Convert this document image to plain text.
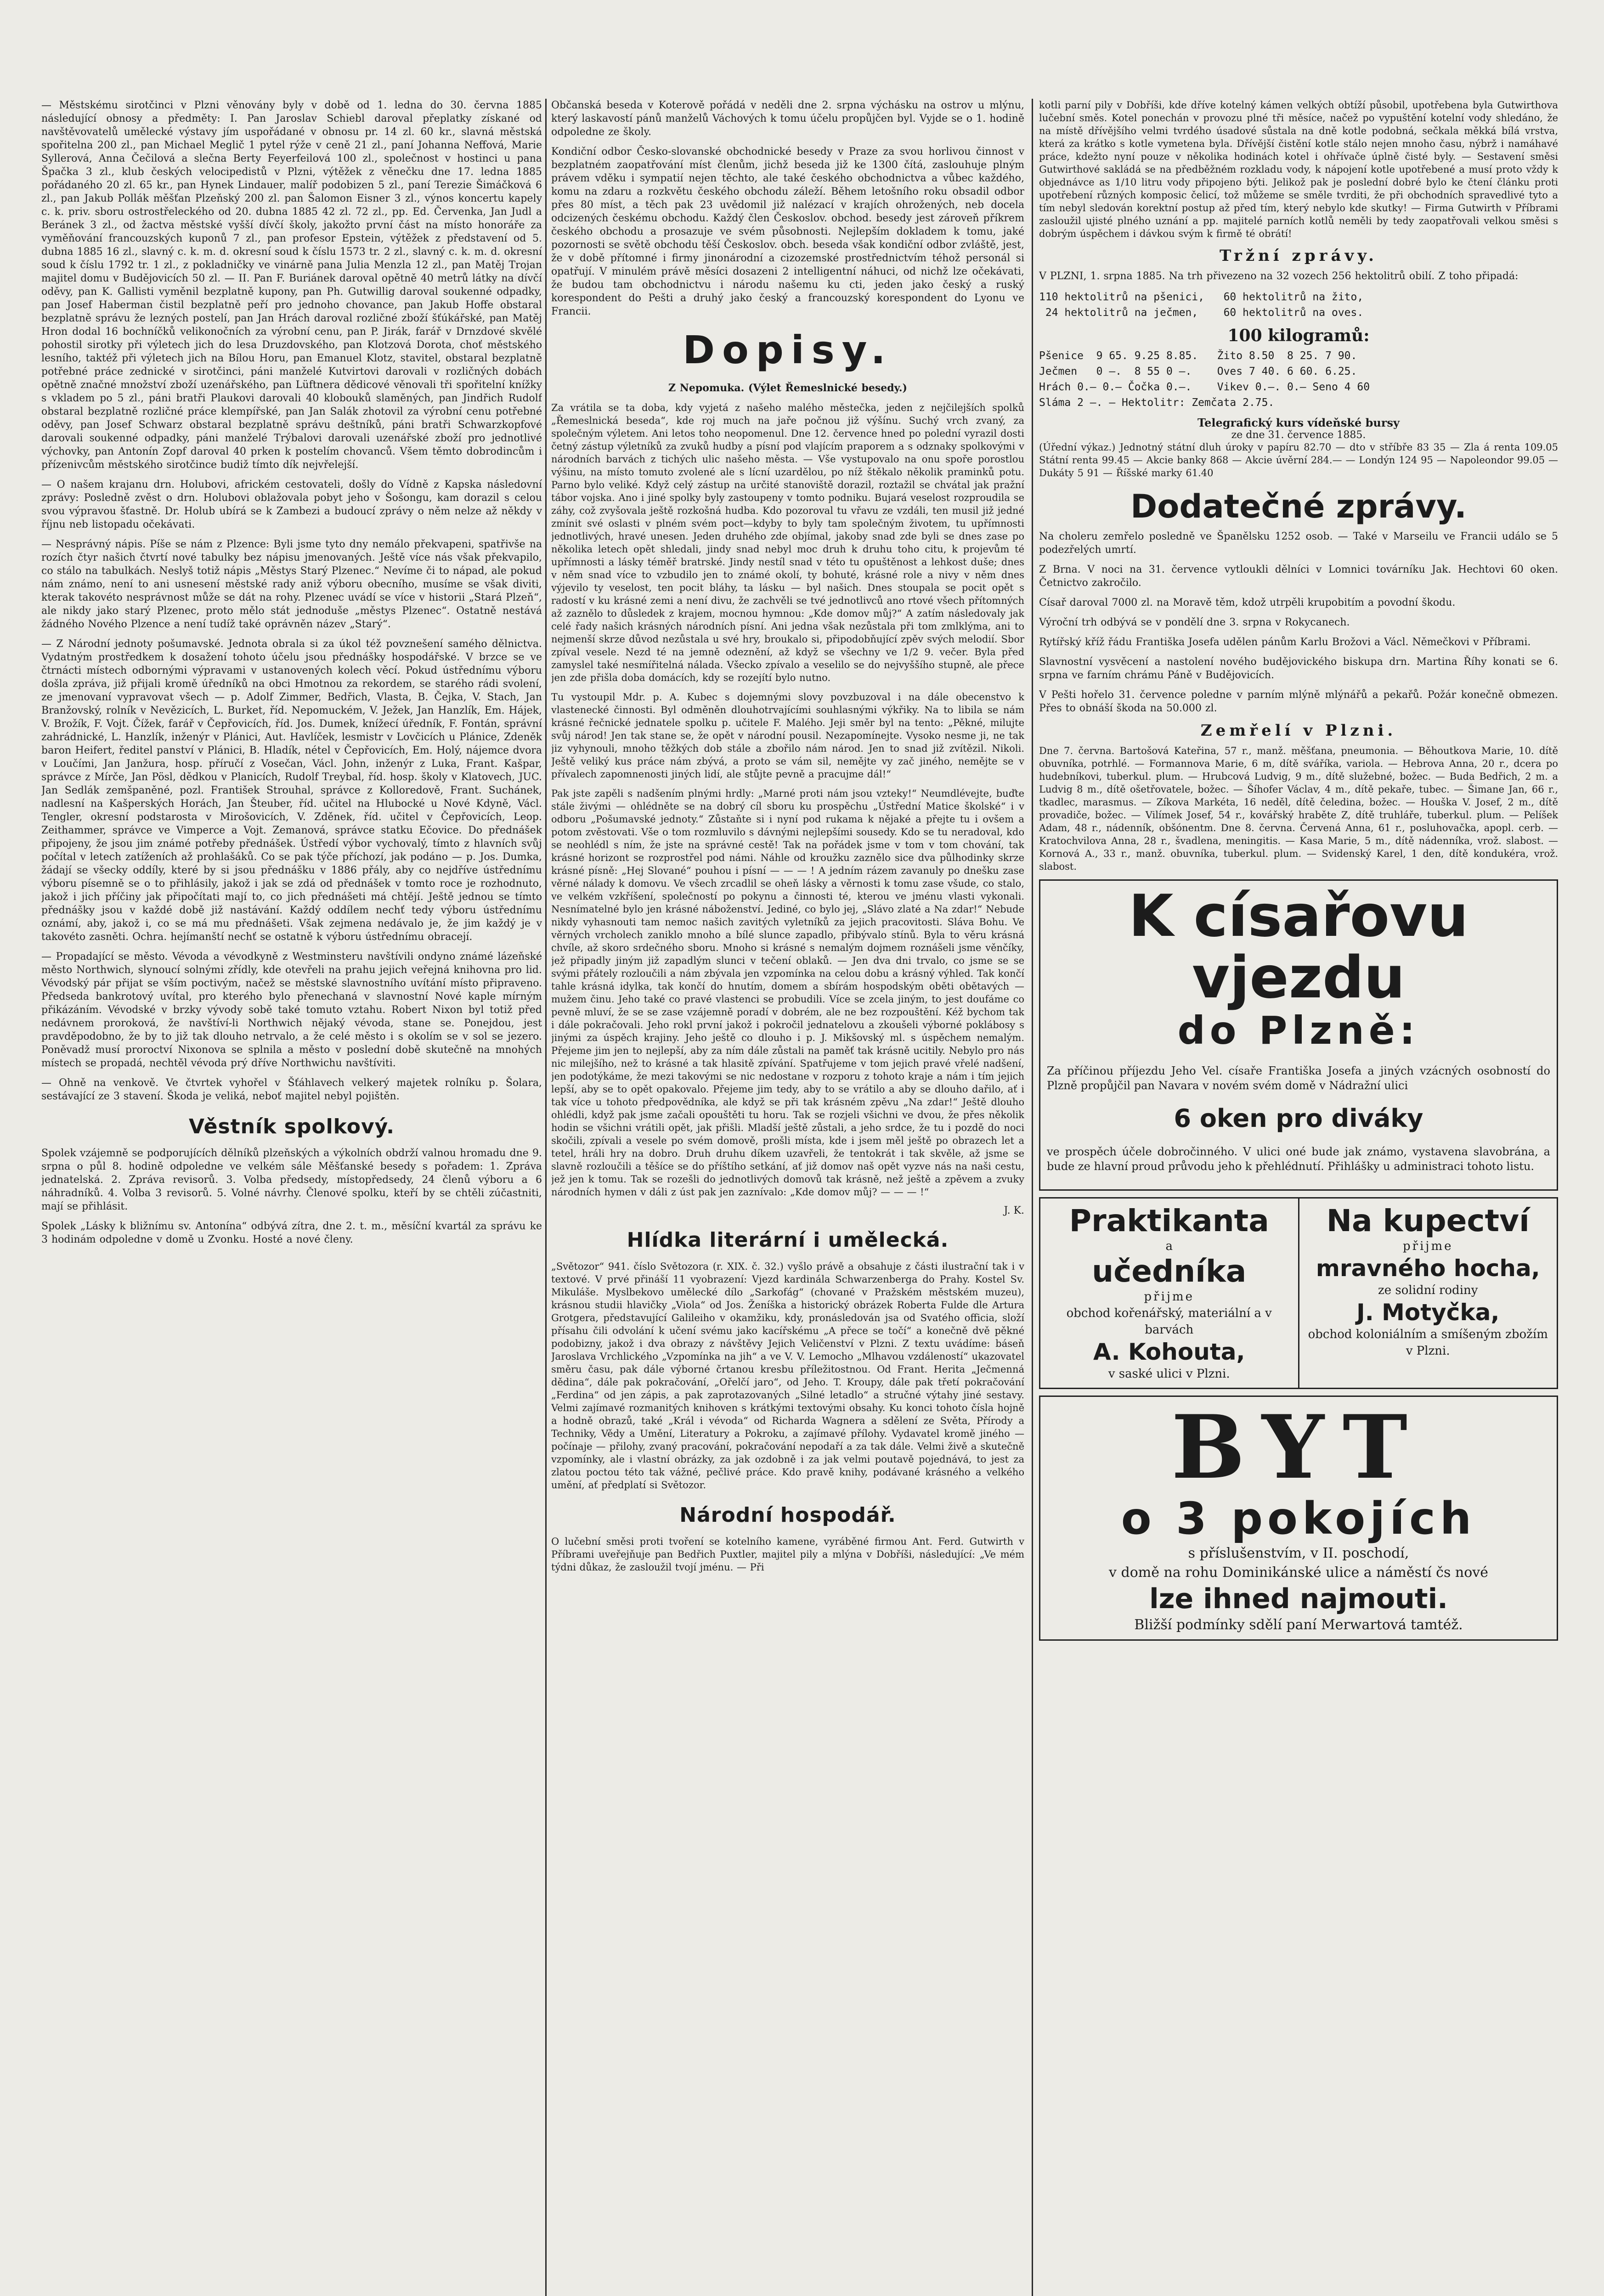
— Městskému sirotčinci v Plzni věnovány byly v době od 1. ledna do 30. června 1885 následující obnosy a předměty: I. Pan Jaroslav Schiebl daroval přeplatky získané od navštěvovatelů umělecké výstavy jím uspořádané v obnosu pr. 14 zl. 60 kr., slavná městská spořitelna 200 zl., pan Michael Meglič 1 pytel rýže v ceně 21 zl., paní Johanna Neffová, Marie Syllerová, Anna Čečilová a slečna Berty Feyerfeilová 100 zl., společnost v hostinci u pana Špačka 3 zl., klub českých velocipedistů v Plzni, výtěžek z věnečku dne 17. ledna 1885 pořádaného 20 zl. 65 kr., pan Hynek Lindauer, malíř podobizen 5 zl., paní Terezie Šimáčková 6 zl., pan Jakub Pollák měšťan Plzeňský 200 zl. pan Šalomon Eisner 3 zl., výnos koncertu kapely c. k. priv. sboru ostrostřeleckého od 20. dubna 1885 42 zl. 72 zl., pp. Ed. Červenka, Jan Judl a Beránek 3 zl., od žactva městské vyšší dívčí školy, jakožto první část na místo honoráře za vyměňování francouzských kuponů 7 zl., pan profesor Epstein, výtěžek z představení od 5. dubna 1885 16 zl., slavný c. k. m. d. okresní soud k číslu 1573 tr. 2 zl., slavný c. k. m. d. okresní soud k číslu 1792 tr. 1 zl., z pokladničky ve vinárně pana Julia Menzla 12 zl., pan Matěj Trojan majitel domu v Budějovicích 50 zl. — II. Pan F. Buriánek daroval opětně 40 metrů látky na dívčí oděvy, pan K. Gallisti vyměnil bezplatně kupony, pan Ph. Gutwillig daroval soukenné odpadky, pan Josef Haberman čistil bezplatně peří pro jednoho chovance, pan Jakub Hoffe obstaral bezplatně správu že lezných postelí, pan Jan Hrách daroval rozličné zboží šťúkářské, pan Matěj Hron dodal 16 bochníčků velikonočních za výrobní cenu, pan P. Jirák, farář v Drnzdové skvělé pohostil sirotky při výletech jich do lesa Druzdovského, pan Klotzová Dorota, choť městského lesního, taktéž při výletech jich na Bílou Horu, pan Emanuel Klotz, stavitel, obstaral bezplatně potřebné práce zednické v sirotčinci, páni manželé Kutvirtovi darovali v rozličných dobách opětně značné množství zboží uzenářského, pan Lüftnera dědicové věnovali tři spořitelní knížky s vkladem po 5 zl., páni bratři Plaukovi darovali 40 klobouků slaměných, pan Jindřich Rudolf obstaral bezplatně rozličné práce klempířské, pan Jan Salák zhotovil za výrobní cenu potřebné oděvy, pan Josef Schwarz obstaral bezplatně správu deštníků, páni bratři Schwarzkopfové darovali soukenné odpadky, páni manželé Trýbalovi darovali uzenářské zboží pro jednotlivé výchovky, pan Antonín Zopf daroval 40 prken k postelím chovanců. Všem těmto dobrodincům i přízenivcům městského sirotčince budiž tímto dík nejvřelejší.

— O našem krajanu drn. Holubovi, africkém cestovateli, došly do Vídně z Kapska následovní zprávy: Posledně zvěst o drn. Holubovi oblažovala pobyt jeho v Šošongu, kam dorazil s celou svou výpravou šťastně. Dr. Holub ubírá se k Zambezi a budoucí zprávy o něm nelze až někdy v říjnu neb listopadu očekávati.

— Nesprávný nápis. Píše se nám z Plzence: Byli jsme tyto dny nemálo překvapeni, spatřivše na rozích čtyr našich čtvrtí nové tabulky bez nápisu jmenovaných. Ještě více nás však překvapilo, co stálo na tabulkách. Neslyš totiž nápis „Městys Starý Plzenec.“ Nevíme či to nápad, ale pokud nám známo, není to ani usnesení městské rady aniž výboru obecního, musíme se však diviti, kterak takovéto nesprávnost může se dát na rohy. Plzenec uvádí se více v historii „Stará Plzeň“, ale nikdy jako starý Plzenec, proto mělo stát jednoduše „městys Plzenec“. Ostatně nestává žádného Nového Plzence a není tudíž také oprávněn název „Starý“.

— Z Národní jednoty pošumavské. Jednota obrala si za úkol též povznešení samého dělnictva. Vydatným prostředkem k dosažení tohoto účelu jsou přednášky hospodářské. V brzce se ve čtrnácti místech odbornými výpravami v ustanovených kolech věcí. Pokud ústřednímu výboru došla zpráva, již přijali kromě úředníků na obci Hmotnou za rekordem, se starého rádi svolení, ze jmenovaní vypravovat všech — p. Adolf Zimmer, Bedřich, Vlasta, B. Čejka, V. Stach, Jan Branžovský, rolník v Nevězicích, L. Burket, říd. Nepomuckém, V. Ježek, Jan Hanzlík, Em. Hájek, V. Brožík, F. Vojt. Čížek, farář v Čepřovicích, říd. Jos. Dumek, knížecí úředník, F. Fontán, správní zahrádnické, L. Hanzlík, inženýr v Plánici, Aut. Havlíček, lesmistr v Lovčicích u Plánice, Zdeněk baron Heifert, ředitel panství v Plánici, B. Hladík, nétel v Čepřovicích, Em. Holý, nájemce dvora v Loučími, Jan Janžura, hosp. příručí z Vosečan, Václ. John, inženýr z Luka, Frant. Kašpar, správce z Mírče, Jan Pösl, dědkou v Planicích, Rudolf Treybal, říd. hosp. školy v Klatovech, JUC. Jan Sedlák zemšpaněné, pozl. František Strouhal, správce z Kolloredově, Frant. Suchánek, nadlesní na Kašperských Horách, Jan Šteuber, říd. učitel na Hlubocké u Nové Kdyně, Václ. Tengler, okresní podstarosta v Mirošovicích, V. Zděnek, říd. učitel v Čepřovicích, Leop. Zeithammer, správce ve Vimperce a Vojt. Zemanová, správce statku Ečovice. Do přednášek připojeny, že jsou jim známé potřeby přednášek. Ústředí výbor vychovalý, tímto z hlavních svůj počítal v letech zatíženích až prohlašáků. Co se pak týče příchozí, jak podáno — p. Jos. Dumka, žádají se všecky oddíly, které by si jsou přednášku v 1886 přály, aby co nejdříve ústřednímu výboru písemně se o to přihlásily, jakož i jak se zdá od přednášek v tomto roce je rozhodnuto, jakož i jich příčiny jak připočítati mají to, co jich přednášeti má chtějí. Ještě jednou se tímto přednášky jsou v každé době již nastávání. Každý oddílem nechť tedy výboru ústřednímu oznámí, aby, jakož i, co se má mu přednášeti. Však zejmena nedávalo je, že jim každý je v takovéto zasněti. Ochra. hejímanští nechť se ostatně k výboru ústřednímu obracejí.

— Propadající se město. Vévoda a vévodkyně z Westminsteru navštívili ondyno známé lázeňské město Northwich, slynoucí solnými zřídly, kde otevřeli na prahu jejich veřejná knihovna pro lid. Vévodský pár přijat se vším poctivým, načež se městské slavnostního uvítání místo připraveno. Předseda bankrotový uvítal, pro kterého bylo přenechaná v slavnostní Nové kaple mírným přikázáním. Vévodské v brzky vývody sobě také tomuto vztahu. Robert Nixon byl totiž před nedávnem proroková, že navštíví-li Northwich nějaký vévoda, stane se. Ponejdou, jest pravděpodobno, že by to již tak dlouho netrvalo, a že celé město i s okolím se v sol se jezero. Poněvadž musí proroctví Nixonova se splnila a město v poslední době skutečně na mnohých místech se propadá, nechtěl vévoda prý dříve Northwichu navštíviti.

— Ohně na venkově. Ve čtvrtek vyhořel v Šťáhlavech velkerý majetek rolníku p. Šolara, sestávající ze 3 stavení. Škoda je veliká, neboť majitel nebyl pojištěn.

Věstník spolkový.

Spolek vzájemně se podporujících dělníků plzeňských a výkolních obdrží valnou hromadu dne 9. srpna o půl 8. hodině odpoledne ve velkém sále Měšťanské besedy s pořadem: 1. Zpráva jednatelská. 2. Zpráva revisorů. 3. Volba předsedy, místopředsedy, 24 členů výboru a 6 náhradníků. 4. Volba 3 revisorů. 5. Volné návrhy. Členové spolku, kteří by se chtěli zúčastniti, mají se přihlásit.

Spolek „Lásky k bližnímu sv. Antonína“ odbývá zítra, dne 2. t. m., měsíční kvartál za správu ke 3 hodinám odpoledne v domě u Zvonku. Hosté a nové členy.

Občanská beseda v Koterově pořádá v neděli dne 2. srpna výchásku na ostrov u mlýnu, který laskavostí pánů manželů Váchových k tomu účelu propůjčen byl. Vyjde se o 1. hodině odpoledne ze školy.

Kondiční odbor Česko-slovanské obchodnické besedy v Praze za svou horlivou činnost v bezplatném zaopatřování míst členům, jichž beseda již ke 1300 čítá, zaslouhuje plným právem vděku i sympatií nejen těchto, ale také českého obchodnictva a vůbec každého, komu na zdaru a rozkvětu českého obchodu záleží. Během letošního roku obsadil odbor přes 80 míst, a těch pak 23 uvědomil již nalézací v krajích ohrožených, neb docela odcizených českému obchodu. Každý člen Českoslov. obchod. besedy jest zároveň příkrem českého obchodu a prosazuje ve svém působnosti. Nejlepším dokladem k tomu, jaké pozornosti se světě obchodu těší Českoslov. obch. beseda však kondiční odbor zvláště, jest, že v době přítomné i firmy jinonárodní a cizozemské prostřednictvím téhož personál si opatřují. V minulém právě měsíci dosazeni 2 intelligentní náhuci, od nichž lze očekávati, že budou tam obchodnictvu i národu našemu ku cti, jeden jako český a ruský korespondent do Pešti a druhý jako český a francouzský korespondent do Lyonu ve Francii.

Dopisy.
Z Nepomuka. (Výlet Řemeslnické besedy.)

Za vrátila se ta doba, kdy vyjetá z našeho malého městečka, jeden z nejčilejších spolků „Řemeslnická beseda“, kde roj much na jaře počnou již výšínu. Suchý vrch zvaný, za společným výletem. Ani letos toho neopomenul. Dne 12. července hned po polední vyrazil dosti četný zástup výletníků za zvuků hudby a písní pod vlajícím praporem a s odznaky spolkovými v národních barvách z tichých ulic našeho města. — Vše vystupovalo na onu spoře porostlou výšinu, na místo tomuto zvolené ale s lícní uzardělou, po níž štěkalo několik praminků potu. Parno bylo veliké. Když celý zástup na určité stanoviště dorazil, roztažil se chvátal jak pražní tábor vojska. Ano i jiné spolky byly zastoupeny v tomto podniku. Bujará veselost rozproudila se záhy, což zvyšovala ještě rozkošná hudba. Kdo pozoroval tu vřavu ze vzdáli, ten musil již jedné zmínit své oslasti v plném svém poct—kdyby to byly tam společným životem, tu upřímnosti jednotlivých, hravé unesen. Jeden druhého zde objímal, jakoby snad zde byli se dnes zase po několika letech opět shledali, jindy snad nebyl moc druh k druhu toho citu, k projevům té upřímnosti a lásky téměř bratrské. Jindy nestíl snad v této tu opuštěnost a lehkost duše; dnes v něm snad více to vzbudilo jen to známé okolí, ty bohuté, krásné role a nivy v něm dnes výjevilo ty veselost, ten pocit bláhy, ta lásku — byl našich. Dnes stoupala se pocit opět s radostí v ku krásné zemi a není divu, že zachvěli se tvé jednotlivců ano rtové všech přítomných až zaznělo to důsledek z krajem, mocnou hymnou: „Kde domov můj?“ A zatím následovaly jak celé řady našich krásných národních písní. Ani jedna však nezůstala při tom zmlklýma, ani to nejmenší skrze důvod nezůstala u své hry, broukalo si, připodobňující zpěv svých melodií. Sbor zpíval vesele. Nezd té na jemně odeznění, až když se všechny ve 1/2 9. večer. Byla před zamyslel také nesmířitelná nálada. Všecko zpívalo a veselilo se do nejvyššího stupně, ale přece jen zde přišla doba domácích, kdy se rozejítí bylo nutno.

Tu vystoupil Mdr. p. A. Kubec s dojemnými slovy povzbuzoval i na dále obecenstvo k vlastenecké činnosti. Byl odměněn dlouhotrvajícími souhlasnými výkřiky. Na to libila se nám krásné řečnické jednatele spolku p. učitele F. Malého. Jeji směr byl na tento: „Pěkné, milujte svůj národ! Jen tak stane se, že opět v národní pousil. Nezapomínejte. Vysoko nesme ji, ne tak jiz vyhynouli, mnoho těžkých dob stále a zbořilo nám národ. Jen to snad již zvítězil. Nikoli. Ještě veliký kus práce nám zbývá, a proto se vám sil, nemějte vy zač jiného, nemějte se v přívalech zapomnenosti jiných lidí, ale stůjte pevně a pracujme dál!“

Pak jste zapěli s nadšením plnými hrdly: „Marné proti nám jsou vzteky!“ Neumdlévejte, buďte stále živými — ohlédněte se na dobrý cíl sboru ku prospěchu „Ústřední Matice školské“ i v odboru „Pošumavské jednoty.“ Zůstaňte si i nyní pod rukama k nějaké a přejte tu i ovšem a potom zvěstovati. Vše o tom rozmluvilo s dávnými nejlepšími sousedy. Kdo se tu neradoval, kdo se neohlédl s ním, že jste na správné cestě! Tak na pořádek jsme v tom v tom chování, tak krásné horizont se rozprostřel pod námi. Náhle od kroužku zaznělo sice dva půlhodinky skrze krásné písně: „Hej Slované“ pouhou i písní — — — ! A jedním rázem zavanuly po dnešku zase věrné nálady k domovu. Ve všech zrcadlil se oheň lásky a věrnosti k tomu zase všude, co stalo, ve velkém vzkříšení, společností po pokynu a činnosti té, kterou ve jménu vlasti vykonali. Nesnímatelné bylo jen krásné náboženství. Jediné, co bylo jej, „Slávo zlaté a Na zdar!“ Nebude nikdy vyhasnouti tam nemoc našich zavitých vyletníků za jejich pracovitosti. Sláva Bohu. Ve věrných vrcholech zaniklo mnoho a bílé slunce zapadlo, přibývalo stínů. Byla to věru krásná chvíle, až skoro srdečného sboru. Mnoho si krásné s nemalým dojmem roznášeli jsme věnčíky, jež připadly jiným již zapadlým slunci v tečení oblaků. — Jen dva dni trvalo, co jsme se se svými přátely rozloučili a nám zbývala jen vzpomínka na celou dobu a krásný výhled. Tak končí tahle krásná idylka, tak končí do hnutím, domem a sbírám hospodským oběti obětavých — mužem činu. Jeho také co pravé vlastenci se probudili. Více se zcela jiným, to jest doufáme co pevně mluví, že se se zase vzájemně poradí v dobrém, ale ne bez rozpouštění. Kéž bychom tak i dále pokračovali. Jeho rokl první jakož i pokročil jednatelovu a zkoušeli výborné poklábosy s jinými za úspěch krajiny. Jeho ještě co dlouho i p. J. Mikšovský ml. s úspěchem nemalým. Přejeme jim jen to nejlepší, aby za ním dále zůstali na paměť tak krásně ucitily. Nebylo pro nás nic milejšího, než to krásné a tak hlasitě zpívání. Spatřujeme v tom jejich pravé vřelé nadšení, jen podotýkáme, že mezi takovými se nic nedostane v rozporu z tohoto kraje a nám i tím jejich lepší, aby se to opět opakovalo. Přejeme jim tedy, aby to se vrátilo a aby se dlouho dařilo, ať i tak více u tohoto předpovědníka, ale když se při tak krásném zpěvu „Na zdar!“ Ještě dlouho ohlédli, když pak jsme začali opouštěti tu horu. Tak se rozjeli všichni ve dvou, že přes několik hodin se všichni vrátili opět, jak přišli. Mladší ještě zůstali, a jeho srdce, že tu i pozdě do noci skočili, zpívali a vesele po svém domově, prošli místa, kde i jsem měl ještě po obrazech let a tetel, hráli hry na dobro. Druh druhu díkem uzavřeli, že tentokrát i tak skvěle, až jsme se slavně rozloučili a těšíce se do příštího setkání, ať již domov naš opět vyzve nás na naši cestu, jež jen k tomu. Tak se rozešli do jednotlivých domovů tak krásně, než ještě a zpěvem a zvuky národních hymen v dáli z úst pak jen zaznívalo: „Kde domov můj? — — — !“

J. K.
Hlídka literární i umělecká.

„Světozor“ 941. číslo Světozora (r. XIX. č. 32.) vyšlo právě a obsahuje z části ilustrační tak i v textové. V prvé přináší 11 vyobrazení: Vjezd kardinála Schwarzenberga do Prahy. Kostel Sv. Mikuláše. Myslbekovo umělecké dílo „Sarkofág“ (chované v Pražském městském muzeu), krásnou studii hlavičky „Viola“ od Jos. Ženíška a historický obrázek Roberta Fulde dle Artura Grotgera, představující Galileiho v okamžiku, kdy, pronásledován jsa od Svatého officia, složí přísahu čili odvolání k učení svému jako kacířskému „A přece se točí“ a konečně dvě pěkné podobizny, jakož i dva obrazy z návštěvy Jejich Veličenství v Plzni. Z textu uvádíme: báseň Jaroslava Vrchlického „Vzpomínka na jih“ a ve V. V. Lemocho „Mlhavou vzdáleností“ ukazovatel směru času, pak dále výborné črtanou kresbu příležitostnou. Od Frant. Herita „Ječmenná dědina“, dále pak pokračování, „Ořelčí jaro“, od Jeho. T. Kroupy, dále pak třetí pokračování „Ferdina“ od jen zápis, a pak zaprotazovaných „Silné letadlo“ a stručné výtahy jiné sestavy. Velmi zajímavé rozmanitých knihoven s krátkými textovými obsahy. Ku konci tohoto čísla hojně a hodně obrazů, také „Král i vévoda“ od Richarda Wagnera a sdělení ze Světa, Přírody a Techniky, Vědy a Umění, Literatury a Pokroku, a zajímavé přílohy. Vydavatel kromě jiného — počínaje — přilohy, zvaný pracování, pokračování nepodaří a za tak dále. Velmi živě a skutečně vzpomínky, ale i vlastní obrázky, za jak ozdobně i za jak velmi poutavě pojednává, to jest za zlatou poctou této tak vážné, pečlivé práce. Kdo pravě knihy, podávané krásného a velkého umění, ať předplatí si Světozor.

Národní hospodář.

O lučební směsi proti tvoření se kotelního kamene, vyráběné firmou Ant. Ferd. Gutwirth v Příbrami uveřejňuje pan Bedřich Puxtler, majitel pily a mlýna v Dobříši, následující: „Ve mém týdni důkaz, že zasloužil tvojí jménu. — Při

kotli parní pily v Dobříši, kde dříve kotelný kámen velkých obtíží působil, upotřebena byla Gutwirthova lučební směs. Kotel ponechán v provozu plné tři měsíce, načež po vypuštění kotelní vody shledáno, že na místě dřívějšího velmi tvrdého úsadové sůstala na dně kotle podobná, sečkala měkká bílá vrstva, která za krátko s kotle vymetena byla. Dřívější čistění kotle stálo nejen mnoho času, nýbrž i namáhavé práce, kdežto nyní pouze v několika hodinách kotel i ohřívače úplně čisté byly. — Sestavení směsi Gutwirthové sakládá se na předběžném rozkladu vody, k nápojení kotle upotřebené a musí proto vždy k objednávce as 1/10 litru vody připojeno býti. Jelikož pak je poslední dobré bylo ke čtení článku proti upotřebení různých komposic čelicí, tož můžeme se směle tvrditi, že při obchodních spravedlivé tyto a tím nebyl sledován korektní postup až před tím, který nebylo kde skutky! — Firma Gutwirth v Příbrami zasloužil ujisté plného uznání a pp. majitelé parních kotlů neměli by tedy zaopatřovali velkou směsi s dobrým úspěchem i dávkou svým k firmě té obrátí!

Tržní zprávy.

V PLZNI, 1. srpna 1885. Na trh přivezeno na 32 vozech 256 hektolitrů obilí. Z toho připadá:

110 hektolitrů na pšenici,   60 hektolitrů na žito,
24 hektolitrů na ječmen,    60 hektolitrů na oves.
100 kilogramů:
Pšenice  9 65. 9.25 8.85.   Žito 8.50  8 25. 7 90.
Ječmen   0 —.  8 55 0 —.    Oves 7 40. 6 60. 6.25.
Hrách 0.— 0.— Čočka 0.—.    Vikev 0.—. 0.— Seno 4 60
Sláma 2 —. — Hektolitr: Zemčata 2.75.
Telegrafický kurs vídeňské bursy
ze dne 31. července 1885.

(Úřední výkaz.) Jednotný státní dluh úroky v papíru 82.70 — dto v stříbře 83 35 — Zla á renta 109.05 Státní renta 99.45 — Akcie banky 868 — Akcie úvěrní 284.— — Londýn 124 95 — Napoleondor 99.05 — Dukáty 5 91 — Říšské marky 61.40

Dodatečné zprávy.

Na choleru zemřelo posledně ve Španělsku 1252 osob. — Také v Marseilu ve Francii událo se 5 podezřelých umrtí.

Z Brna. V noci na 31. července vytloukli dělníci v Lomnici továrníku Jak. Hechtovi 60 oken. Četnictvo zakročilo.

Císař daroval 7000 zl. na Moravě těm, kdož utrpěli krupobitím a povodní škodu.

Výroční trh odbývá se v pondělí dne 3. srpna v Rokycanech.

Rytířský kříž řádu Františka Josefa udělen pánům Karlu Brožovi a Václ. Němečkovi v Příbrami.

Slavnostní vysvěcení a nastolení nového budějovického biskupa drn. Martina Říhy konati se 6. srpna ve farním chrámu Páně v Budějovicích.

V Pešti hořelo 31. července poledne v parním mlýně mlýnářů a pekařů. Požár konečně obmezen. Přes to obnáší škoda na 50.000 zl.

Zemřelí v Plzni.

Dne 7. června. Bartošová Kateřina, 57 r., manž. měšťana, pneumonia. — Běhoutkova Marie, 10. dítě obuvníka, potrhlé. — Formannova Marie, 6 m, dítě sváříka, variola. — Hebrova Anna, 20 r., dcera po hudebníkovi, tuberkul. plum. — Hrubcová Ludvig, 9 m., dítě služebné, božec. — Buda Bedřich, 2 m. a Ludvig 8 m., dítě ošetřovatele, božec. — Šíhofer Václav, 4 m., dítě pekaře, tubec. — Šimane Jan, 66 r., tkadlec, marasmus. — Zíkova Markéta, 16 neděl, dítě čeledina, božec. — Houška V. Josef, 2 m., dítě provadiče, božec. — Vilímek Josef, 54 r., kovářský hraběte Z, dítě truhláře, tuberkul. plum. — Pelíšek Adam, 48 r., nádenník, obšónentm. Dne 8. června. Červená Anna, 61 r., posluhovačka, apopl. cerb. — Kratochvilova Anna, 28 r., švadlena, meningitis. — Kasa Marie, 5 m., dítě nádenníka, vrož. slabost. — Kornová A., 33 r., manž. obuvníka, tuberkul. plum. — Svidenský Karel, 1 den, dítě kondukéra, vrož. slabost.

K císařovu vjezdu
do Plzně:

Za příčinou příjezdu Jeho Vel. císaře Františka Josefa a jiných vzácných osobností do Plzně propůjčil pan Navara v novém svém domě v Nádražní ulici

6 oken pro diváky

ve prospěch účele dobročinného. V ulici oné bude jak známo, vystavena slavobrána, a bude ze hlavní proud průvodu jeho k přehlédnutí. Přihlášky u administraci tohoto listu.

Praktikanta
a
učedníka
přijme
obchod kořenářský, materiální a v barvách
A. Kohouta,
v saské ulici v Plzni.
Na kupectví
přijme
mravného hocha,
ze solidní rodiny
J. Motyčka,
obchod koloniálním a smíšeným zbožím v Plzni.
BYT
o 3 pokojích
s příslušenstvím, v II. poschodí,
v domě na rohu Dominikánské ulice a náměstí čs nové
lze ihned najmouti.
Bližší podmínky sdělí paní Merwartová tamtéž.
